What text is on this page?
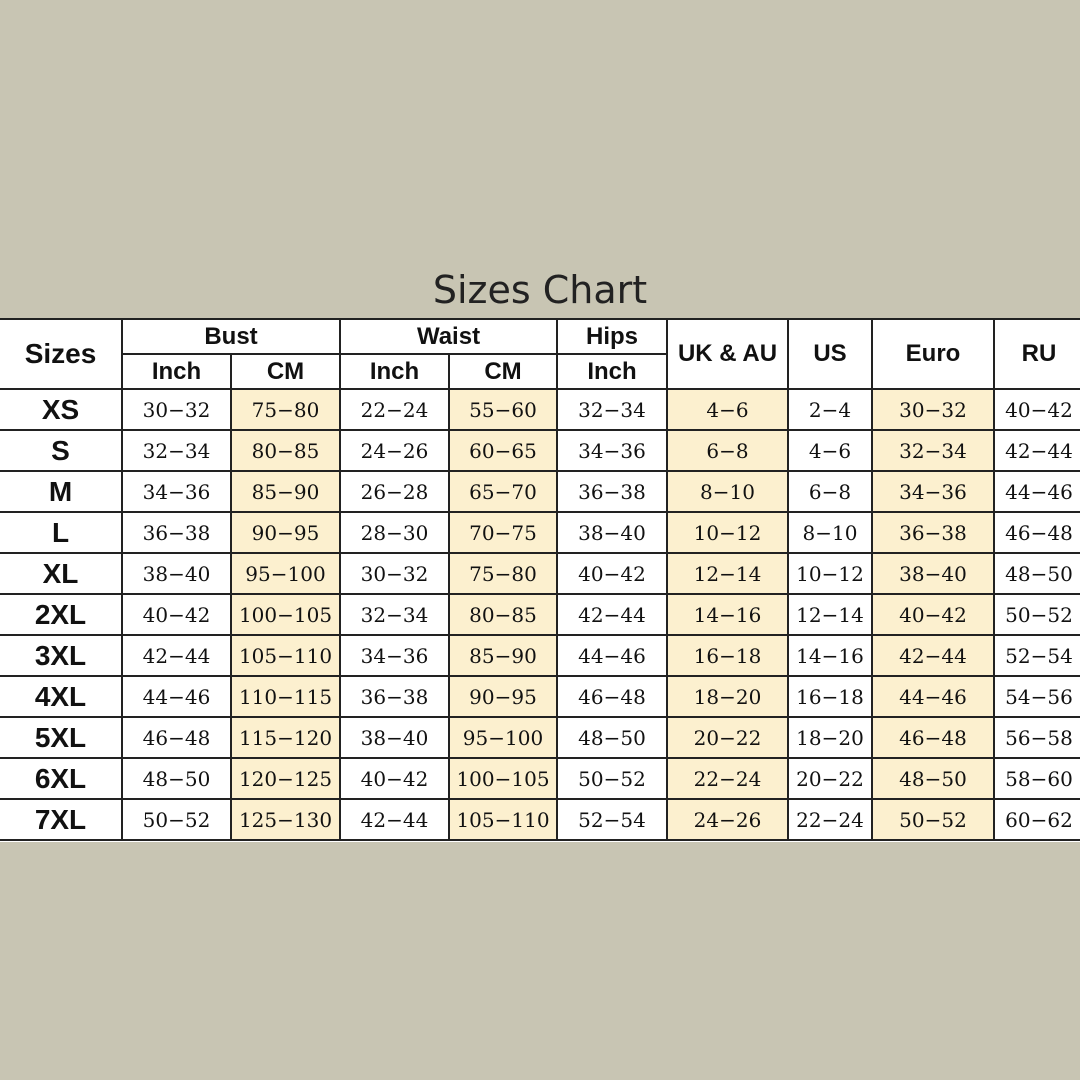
Sizes Chart
Sizes	Bust		Waist		Hips	UK & AU	US	Euro	RU
	Inch	CM	Inch	CM	Inch				
XS	30−32	75−80	22−24	55−60	32−34	4−6	2−4	30−32	40−42
S	32−34	80−85	24−26	60−65	34−36	6−8	4−6	32−34	42−44
M	34−36	85−90	26−28	65−70	36−38	8−10	6−8	34−36	44−46
L	36−38	90−95	28−30	70−75	38−40	10−12	8−10	36−38	46−48
XL	38−40	95−100	30−32	75−80	40−42	12−14	10−12	38−40	48−50
2XL	40−42	100−105	32−34	80−85	42−44	14−16	12−14	40−42	50−52
3XL	42−44	105−110	34−36	85−90	44−46	16−18	14−16	42−44	52−54
4XL	44−46	110−115	36−38	90−95	46−48	18−20	16−18	44−46	54−56
5XL	46−48	115−120	38−40	95−100	48−50	20−22	18−20	46−48	56−58
6XL	48−50	120−125	40−42	100−105	50−52	22−24	20−22	48−50	58−60
7XL	50−52	125−130	42−44	105−110	52−54	24−26	22−24	50−52	60−62
